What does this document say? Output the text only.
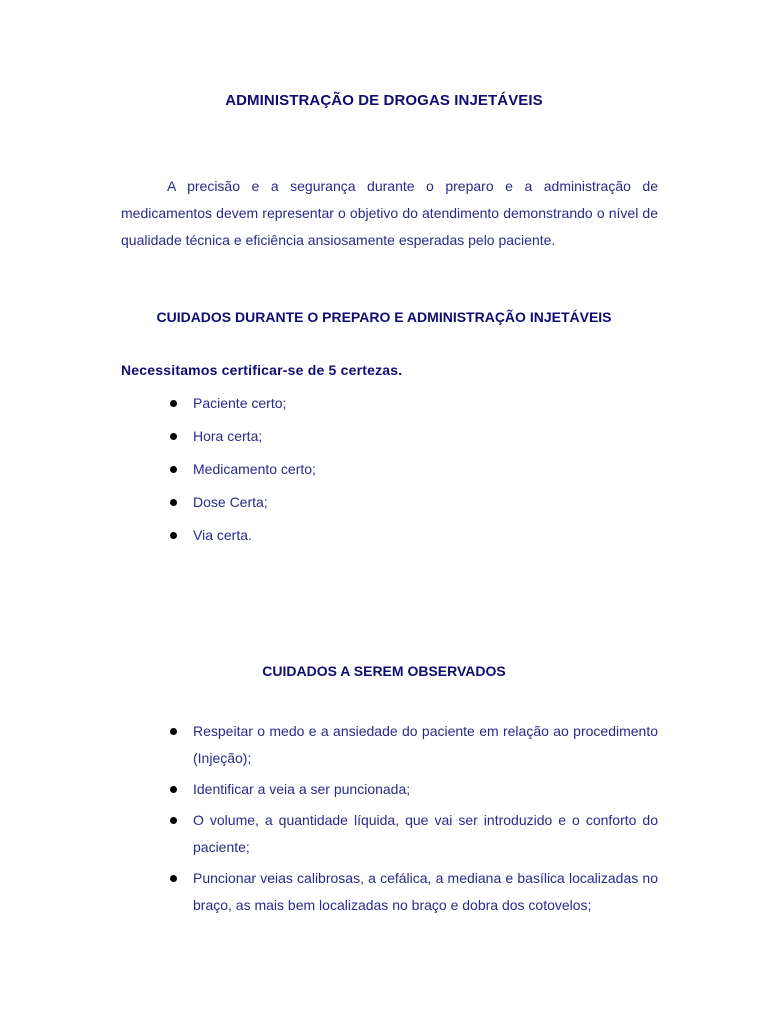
ADMINISTRAÇÃO DE DROGAS INJETÁVEIS

A precisão e a segurança durante o preparo e a administração de medicamentos devem representar o objetivo do atendimento demonstrando o nível de qualidade técnica e eficiência ansiosamente esperadas pelo paciente.

CUIDADOS DURANTE O PREPARO E ADMINISTRAÇÃO INJETÁVEIS
Necessitamos certificar-se de 5 certezas.
Paciente certo;
Hora certa;
Medicamento certo;
Dose Certa;
Via certa.
CUIDADOS A SEREM OBSERVADOS
Respeitar o medo e a ansiedade do paciente em relação ao procedimento (Injeção);
Identificar a veia a ser puncionada;
O volume, a quantidade líquida, que vai ser introduzido e o conforto do paciente;
Puncionar veias calibrosas, a cefálica, a mediana e basílica localizadas no braço, as mais bem localizadas no braço e dobra dos cotovelos;
